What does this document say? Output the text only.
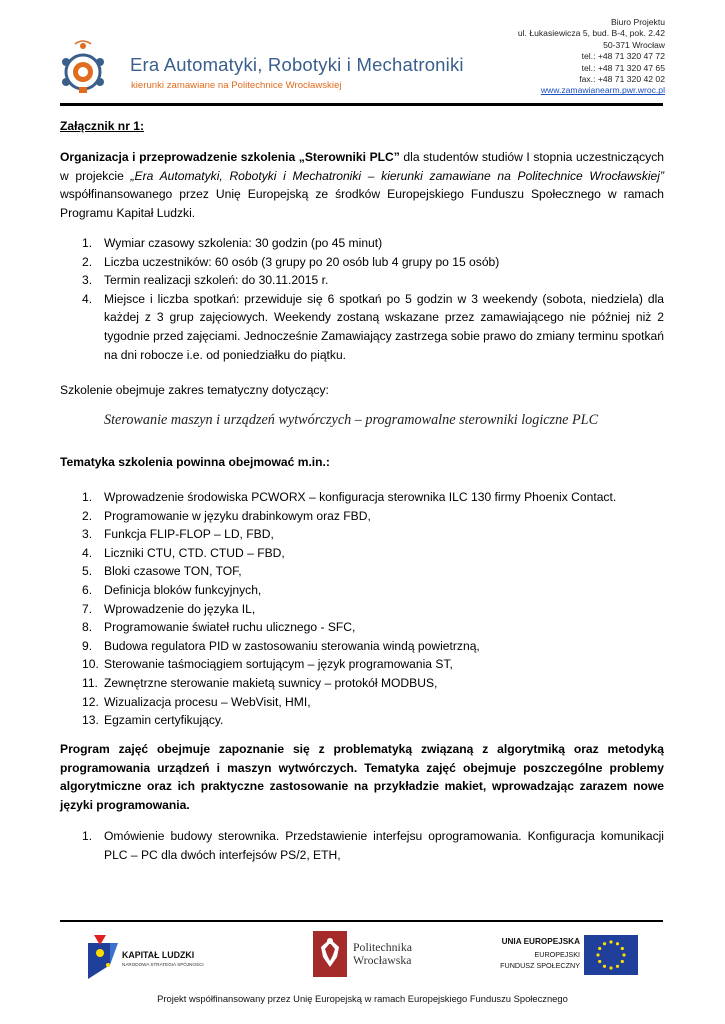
Era Automatyki, Robotyki i Mechatroniki
kierunki zamawiane na Politechnice Wrocławskiej
Biuro Projektu
ul. Łukasiewicza 5, bud. B-4, pok. 2.42
50-371 Wrocław
tel.: +48 71 320 47 72
tel.: +48 71 320 47 65
fax.: +48 71 320 42 02
www.zamawianearm.pwr.wroc.pl
Załącznik nr 1:
Organizacja i przeprowadzenie szkolenia „Sterowniki PLC” dla studentów studiów I stopnia uczestniczących w projekcie „Era Automatyki, Robotyki i Mechatroniki – kierunki zamawiane na Politechnice Wrocławskiej” współfinansowanego przez Unię Europejską ze środków Europejskiego Funduszu Społecznego w ramach Programu Kapitał Ludzki.
1. Wymiar czasowy szkolenia: 30 godzin (po 45 minut)
2. Liczba uczestników: 60 osób (3 grupy po 20 osób lub 4 grupy po 15 osób)
3. Termin realizacji szkoleń: do 30.11.2015 r.
4. Miejsce i liczba spotkań: przewiduje się 6 spotkań po 5 godzin w 3 weekendy (sobota, niedziela) dla każdej z 3 grup zajęciowych. Weekendy zostaną wskazane przez zamawiającego nie później niż 2 tygodnie przed zajęciami. Jednocześnie Zamawiający zastrzega sobie prawo do zmiany terminu spotkań na dni robocze i.e. od poniedziałku do piątku.
Szkolenie obejmuje zakres tematyczny dotyczący:
Sterowanie maszyn i urządzeń wytwórczych – programowalne sterowniki logiczne PLC
Tematyka szkolenia powinna obejmować m.in.:
1. Wprowadzenie środowiska PCWORX – konfiguracja sterownika ILC 130 firmy Phoenix Contact.
2. Programowanie w języku drabinkowym oraz FBD,
3. Funkcja FLIP-FLOP – LD, FBD,
4. Liczniki CTU, CTD. CTUD – FBD,
5. Bloki czasowe TON, TOF,
6. Definicja bloków funkcyjnych,
7. Wprowadzenie do języka IL,
8. Programowanie świateł ruchu ulicznego - SFC,
9. Budowa regulatora PID w zastosowaniu sterowania windą powietrzną,
10. Sterowanie taśmociągiem sortującym – język programowania ST,
11. Zewnętrzne sterowanie makietą suwnicy – protokół MODBUS,
12. Wizualizacja procesu – WebVisit, HMI,
13. Egzamin certyfikujący.
Program zajęć obejmuje zapoznanie się z problematyką związaną z algorytmiką oraz metodyką programowania urządzeń i maszyn wytwórczych. Tematyka zajęć obejmuje poszczególne problemy algorytmiczne oraz ich praktyczne zastosowanie na przykładzie makiet, wprowadzając zarazem nowe języki programowania.
1. Omówienie budowy sterownika. Przedstawienie interfejsu oprogramowania. Konfiguracja komunikacji PLC – PC dla dwóch interfejsów PS/2, ETH,
KAPITAŁ LUDZKI
NARODOWA STRATEGIA SPÓJNOŚCI
Politechnika
Wrocławska
UNIA EUROPEJSKA
EUROPEJSKI
FUNDUSZ SPOŁECZNY
Projekt współfinansowany przez Unię Europejską w ramach Europejskiego Funduszu Społecznego
